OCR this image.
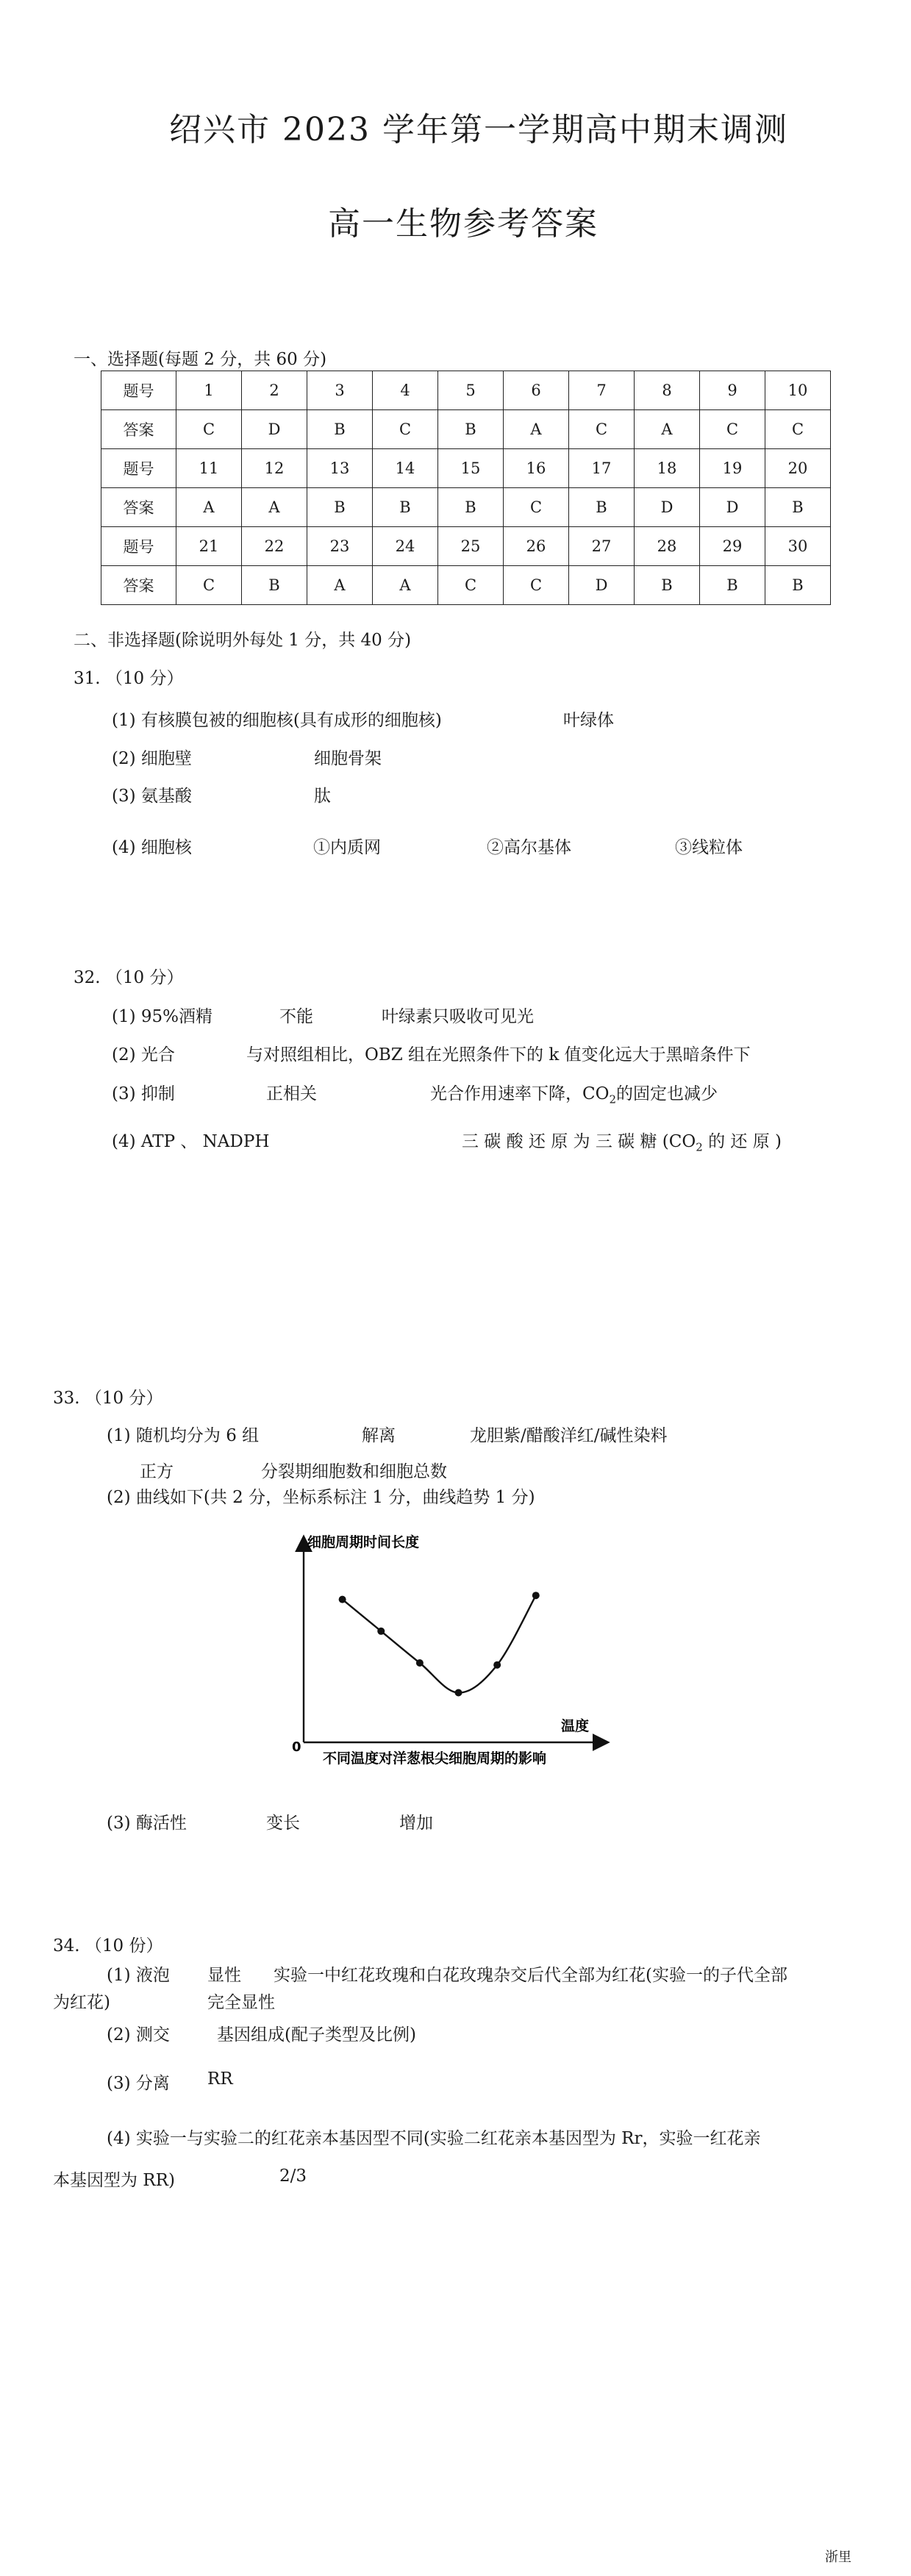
绍兴市 2023 学年第一学期高中期末调测
高一生物参考答案
一、选择题(每题 2 分，共 60 分)
题号	1	2	3	4	5	6	7	8	9	10
答案	C	D	B	C	B	A	C	A	C	C
题号	11	12	13	14	15	16	17	18	19	20
答案	A	A	B	B	B	C	B	D	D	B
题号	21	22	23	24	25	26	27	28	29	30
答案	C	B	A	A	C	C	D	B	B	B
二、非选择题(除说明外每处 1 分，共 40 分)
31. （10 分）
(1) 有核膜包被的细胞核(具有成形的细胞核)	叶绿体
(2) 细胞壁	细胞骨架
(3) 氨基酸	肽
(4) 细胞核	①内质网	②高尔基体	③线粒体
32. （10 分）
(1) 95%酒精	不能	叶绿素只吸收可见光
(2) 光合	与对照组相比，OBZ 组在光照条件下的 k 值变化远大于黑暗条件下
(3) 抑制	正相关	光合作用速率下降，$CO_2$的固定也减少
(4) ATP 、 NADPH	三 碳 酸 还 原 为 三 碳 糖 ($CO_2$ 的 还 原 )
33. （10 分）
(1) 随机均分为 6 组	解离	龙胆紫/醋酸洋红/碱性染料
正方	分裂期细胞数和细胞总数
(2) 曲线如下(共 2 分，坐标系标注 1 分，曲线趋势 1 分)
0
细胞周期时间长度
温度
不同温度对洋葱根尖细胞周期的影响
(3) 酶活性	变长	增加
34. （10 份）
(1) 液泡 显性 实验一中红花玫瑰和白花玫瑰杂交后代全部为红花(实验一的子代全部
为红花)	完全显性
(2) 测交	基因组成(配子类型及比例)
(3) 分离 RR
(4) 实验一与实验二的红花亲本基因型不同(实验二红花亲本基因型为 Rr，实验一红花亲
本基因型为 RR)	2/3
浙里
